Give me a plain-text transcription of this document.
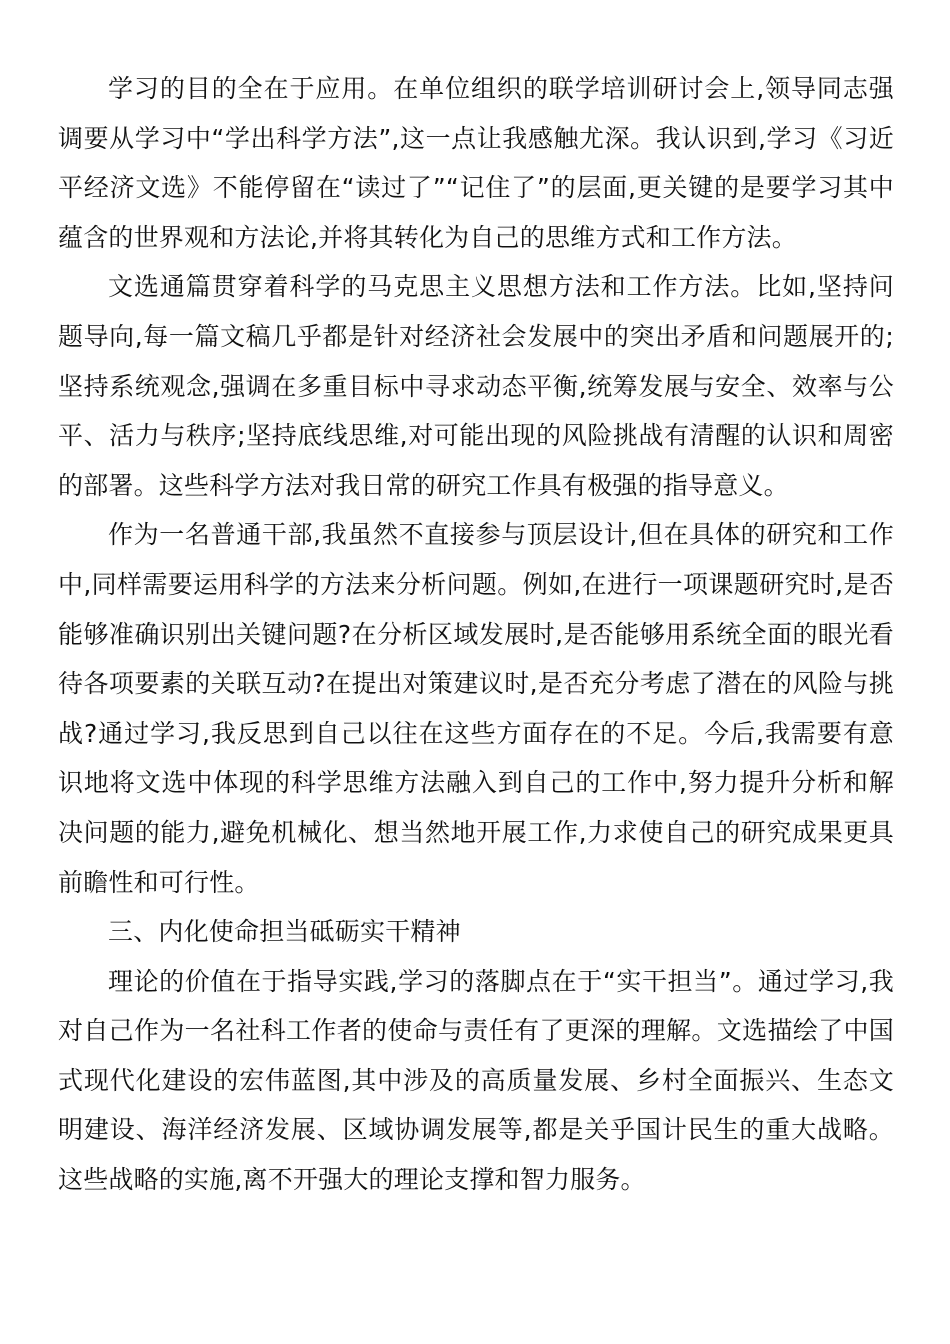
学习的目的全在于应用。在单位组织的联学培训研讨会上,领导同志强调要从学习中“学出科学方法”,这一点让我感触尤深。我认识到,学习《习近平经济文选》不能停留在“读过了”“记住了”的层面,更关键的是要学习其中蕴含的世界观和方法论,并将其转化为自己的思维方式和工作方法。

文选通篇贯穿着科学的马克思主义思想方法和工作方法。比如,坚持问题导向,每一篇文稿几乎都是针对经济社会发展中的突出矛盾和问题展开的;坚持系统观念,强调在多重目标中寻求动态平衡,统筹发展与安全、效率与公平、活力与秩序;坚持底线思维,对可能出现的风险挑战有清醒的认识和周密的部署。这些科学方法对我日常的研究工作具有极强的指导意义。

作为一名普通干部,我虽然不直接参与顶层设计,但在具体的研究和工作中,同样需要运用科学的方法来分析问题。例如,在进行一项课题研究时,是否能够准确识别出关键问题?在分析区域发展时,是否能够用系统全面的眼光看待各项要素的关联互动?在提出对策建议时,是否充分考虑了潜在的风险与挑战?通过学习,我反思到自己以往在这些方面存在的不足。今后,我需要有意识地将文选中体现的科学思维方法融入到自己的工作中,努力提升分析和解决问题的能力,避免机械化、想当然地开展工作,力求使自己的研究成果更具前瞻性和可行性。

三、内化使命担当砥砺实干精神

理论的价值在于指导实践,学习的落脚点在于“实干担当”。通过学习,我对自己作为一名社科工作者的使命与责任有了更深的理解。文选描绘了中国式现代化建设的宏伟蓝图,其中涉及的高质量发展、乡村全面振兴、生态文明建设、海洋经济发展、区域协调发展等,都是关乎国计民生的重大战略。这些战略的实施,离不开强大的理论支撑和智力服务。
